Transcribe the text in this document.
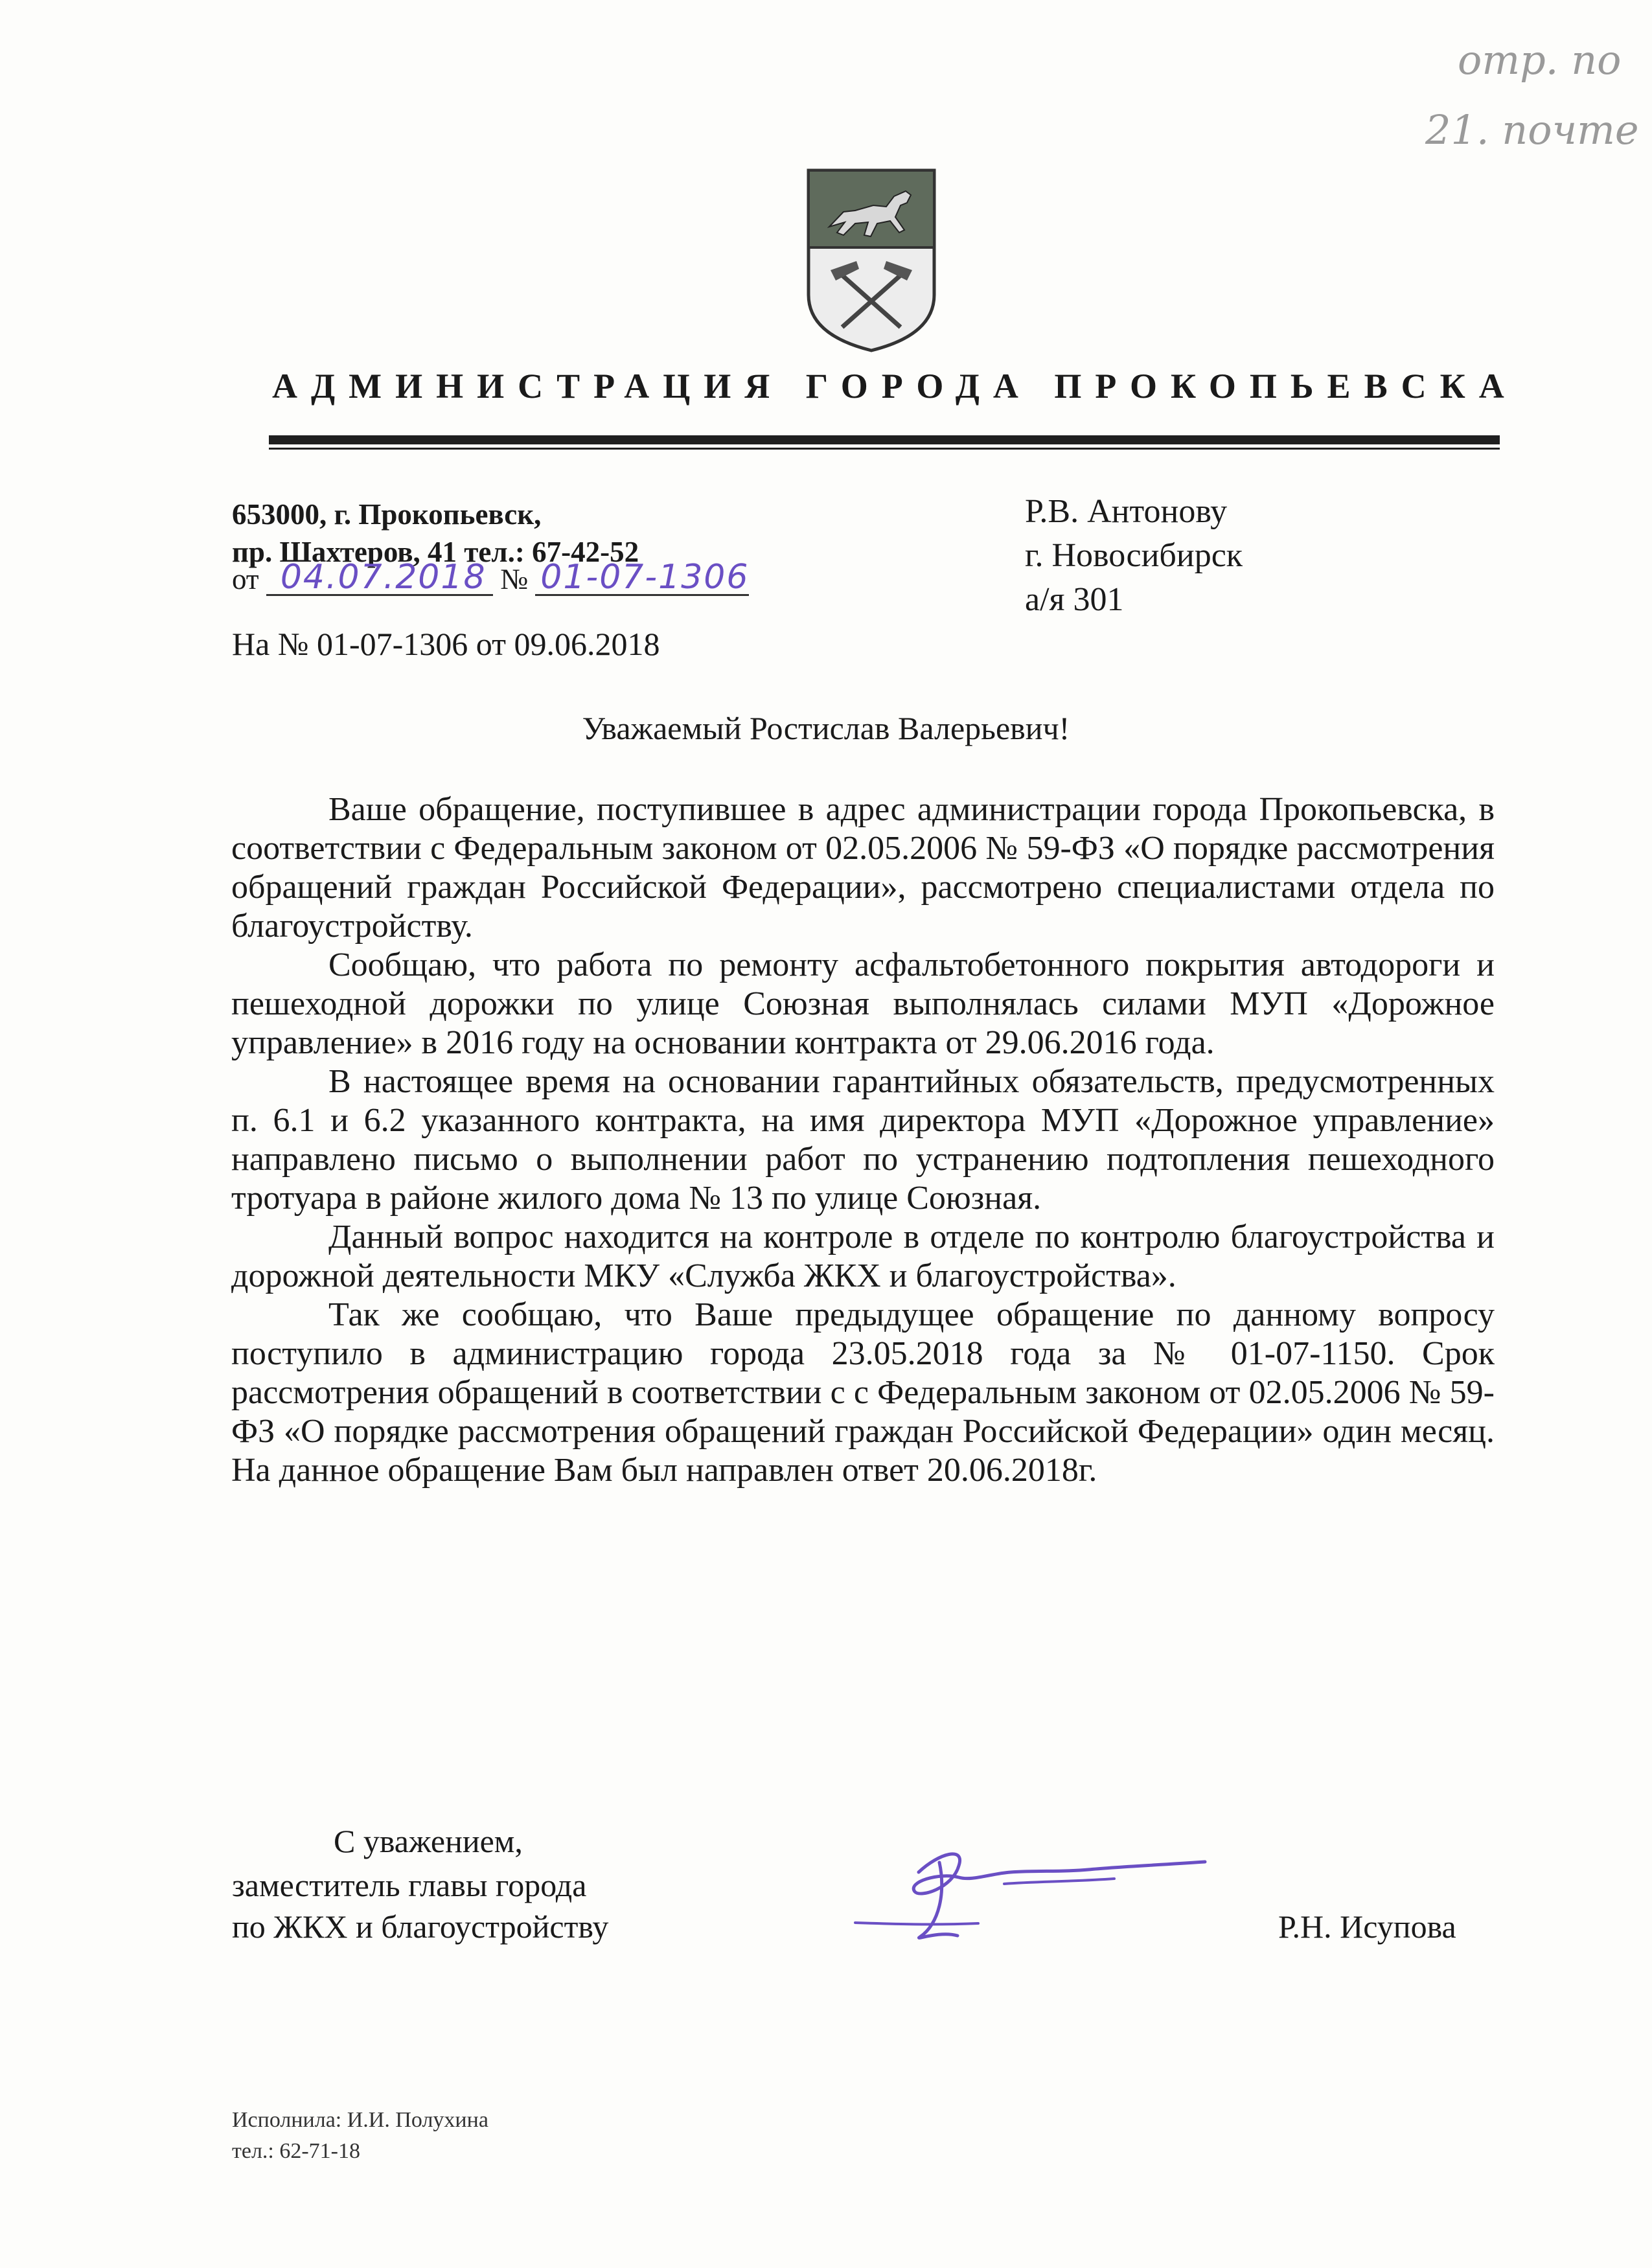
отр. по
21. почте
АДМИНИСТРАЦИЯ ГОРОДА ПРОКОПЬЕВСКА
653000, г. Прокопьевск,
пр. Шахтеров, 41 тел.: 67-42-52
от 04.07.2018 № 01-07-1306
На № 01-07-1306 от 09.06.2018
Р.В. Антонову
г. Новосибирск
а/я 301
Уважаемый Ростислав Валерьевич!

Ваше обращение, поступившее в адрес администрации города Прокопьевска, в соответствии с Федеральным законом от 02.05.2006 № 59-ФЗ «О порядке рассмотрения обращений граждан Российской Федерации», рассмотрено специалистами отдела по благоустройству.

Сообщаю, что работа по ремонту асфальтобетонного покрытия автодороги и пешеходной дорожки по улице Союзная выполнялась силами МУП «Дорожное управление» в 2016 году на основании контракта от 29.06.2016 года.

В настоящее время на основании гарантийных обязательств, предусмотренных п. 6.1 и 6.2 указанного контракта, на имя директора МУП «Дорожное управление» направлено письмо о выполнении работ по устранению подтопления пешеходного тротуара в районе жилого дома № 13 по улице Союзная.

Данный вопрос находится на контроле в отделе по контролю благоустройства и дорожной деятельности МКУ «Служба ЖКХ и благоустройства».

Так же сообщаю, что Ваше предыдущее обращение по данному вопросу поступило в администрацию города 23.05.2018 года за № 01-07-1150. Срок рассмотрения обращений в соответствии с с Федеральным законом от 02.05.2006 № 59-ФЗ «О порядке рассмотрения обращений граждан Российской Федерации» один месяц. На данное обращение Вам был направлен ответ 20.06.2018г.

С уважением,
заместитель главы города
по ЖКХ и благоустройству	Р.Н. Исупова
Исполнила: И.И. Полухина
тел.: 62-71-18
